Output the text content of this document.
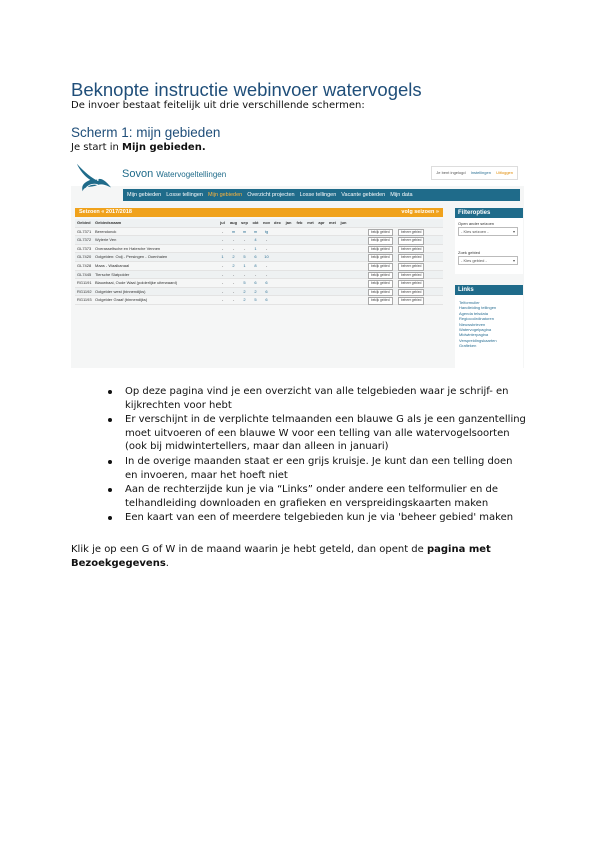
Beknopte instructie webinvoer watervogels

De invoer bestaat feitelijk uit drie verschillende schermen:

Scherm 1: mijn gebieden

Je start in Mijn gebieden.

Sovon Watervogeltellingen	Je bent ingelogd Instellingen Uitloggen
Mijn gebieden Losse tellingen Mijn gebieden Overzicht projecten Losse tellingen Vacante gebieden Mijn data
Seizoen « 2017/2018	volg seizoen »
Gebied Gebiedsnaam	jul	aug sep	okt	nov dec	jan	feb	mrt	apr	mei	jun
GL7371 Berendonck	-	m	m	m	tg	bekijk gebied	beheer gebied
GL7372 Wylerie Ven	-	-	-	4	-	bekijk gebied	beheer gebied
GL7373 Overasseltsche en Haterche Vennen	-	-	-	1	-	bekijk gebied	beheer gebied
GL7420 Oolgelden: Oolj - Persingen - Ooenhaien	1	2	5	6	10	bekijk gebied	beheer gebied
GL7428 Maas - Waalkanaal	-	2	1	8	-	bekijk gebied	beheer gebied
GL7445 Tiersche Slatpolder	-	-	-	-	-	bekijk gebied	beheer gebied
RG1191 Blauwbaai, Oude Waal (polderlijke uiterwaard)	-	-	5	6	6	bekijk gebied	beheer gebied
RG1192 Oolgelder west (binnendijks)	-	-	2	2	6	bekijk gebied	beheer gebied
RG1193 Oolgelder Graaf (binnendijks)	-	-	2	5	6	bekijk gebied	beheer gebied
Filteropties
Open ander seizoen
- Kies seizoen - ▾
Zoek gebied
- Kies gebied - ▾
Links
Telformulier
Handleiding tellingen
Agenda telsdata
Regiocoördinatoren
Nieuwsbrieven
Watervogelpagina
Midwinterpagina
Verspreidingskaarten
Grafieken
Op deze pagina vind je een overzicht van alle telgebieden waar je schrijf- en kijkrechten voor hebt
Er verschijnt in de verplichte telmaanden een blauwe G als je een ganzentelling moet uitvoeren of een blauwe W voor een telling van alle watervogelsoorten (ook bij midwintertellers, maar dan alleen in januari)
In de overige maanden staat er een grijs kruisje. Je kunt dan een telling doen en invoeren, maar het hoeft niet
Aan de rechterzijde kun je via “Links” onder andere een telformulier en de telhandleiding downloaden en grafieken en verspreidingskaarten maken
Een kaart van een of meerdere telgebieden kun je via 'beheer gebied' maken

Klik je op een G of W in de maand waarin je hebt geteld, dan opent de pagina met Bezoekgegevens.
